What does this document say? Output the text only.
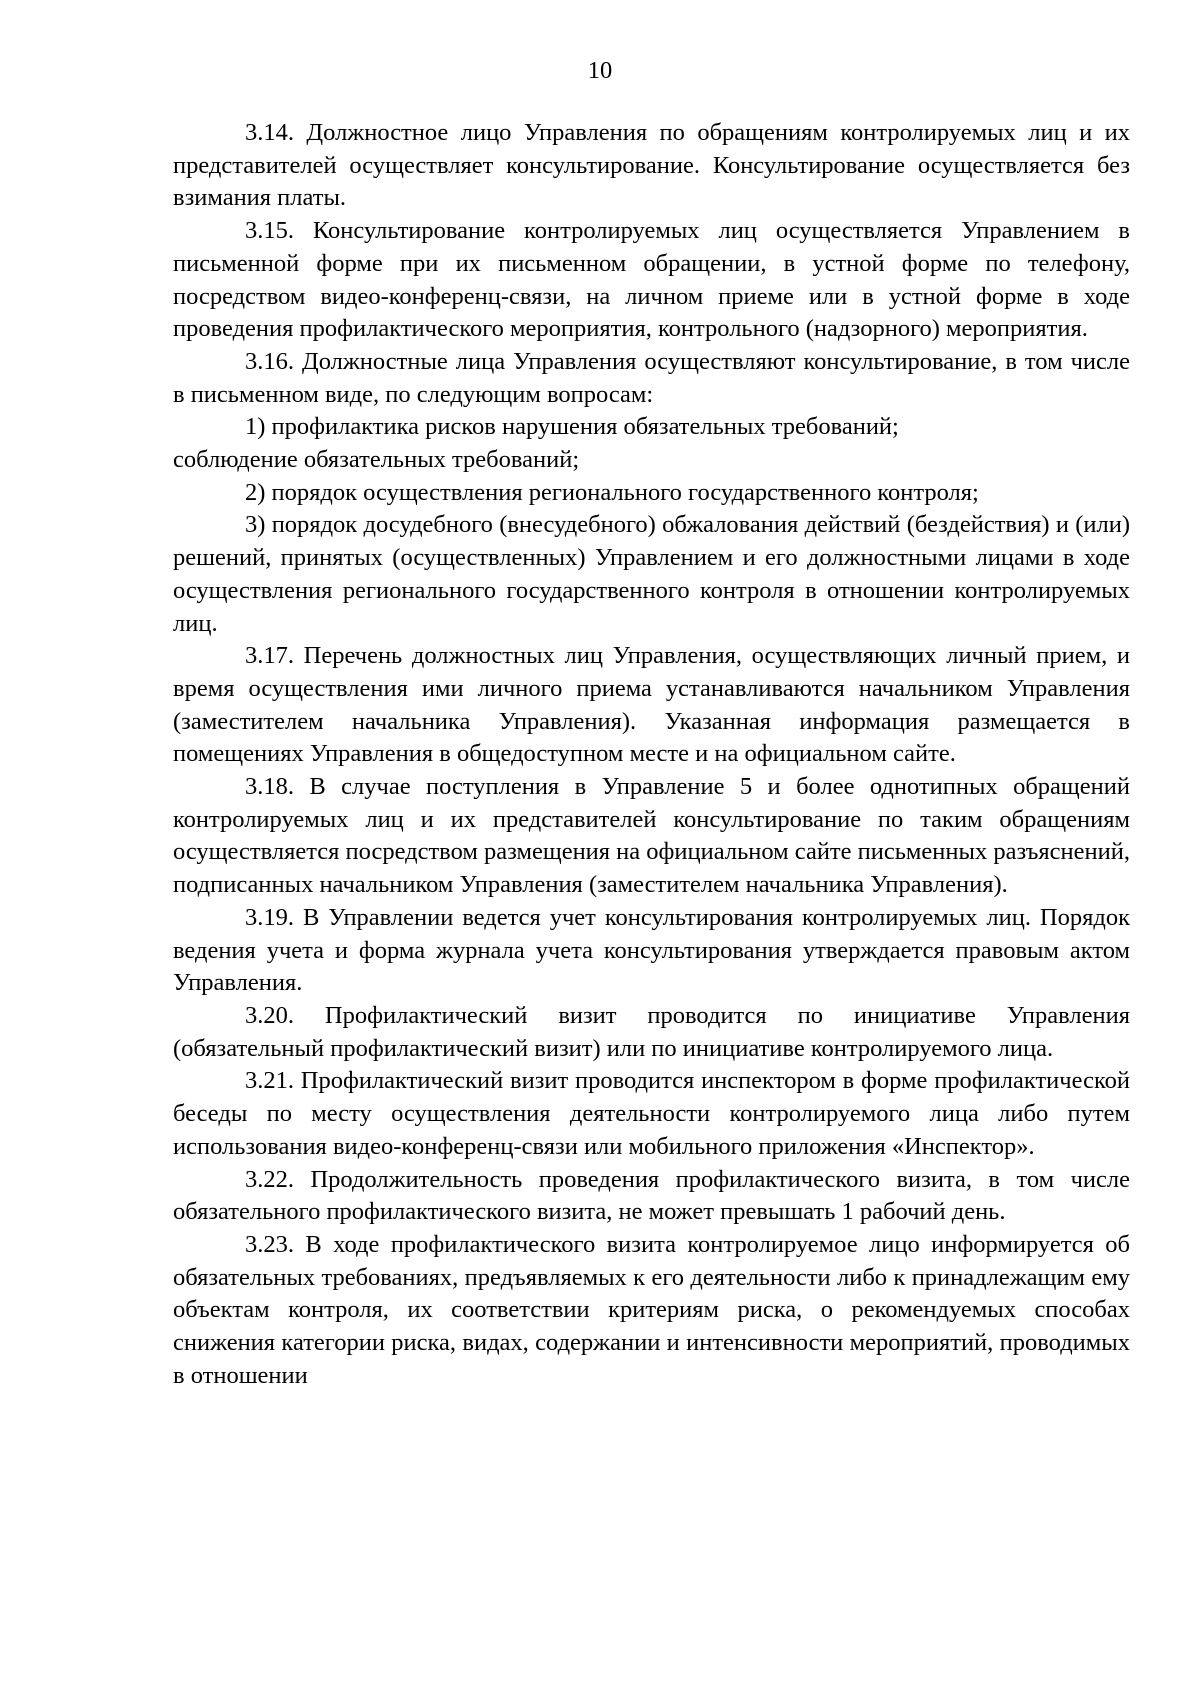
10

3.14. Должностное лицо Управления по обращениям контролируемых лиц и их представителей осуществляет консультирование. Консультирование осуществляется без взимания платы.

3.15. Консультирование контролируемых лиц осуществляется Управлением в письменной форме при их письменном обращении, в устной форме по телефону, посредством видео-конференц-связи, на личном приеме или в устной форме в ходе проведения профилактического мероприятия, контрольного (надзорного) мероприятия.

3.16. Должностные лица Управления осуществляют консультирование, в том числе в письменном виде, по следующим вопросам:

1) профилактика рисков нарушения обязательных требований;

соблюдение обязательных требований;

2) порядок осуществления регионального государственного контроля;

3) порядок досудебного (внесудебного) обжалования действий (бездействия) и (или) решений, принятых (осуществленных) Управлением и его должностными лицами в ходе осуществления регионального государственного контроля в отношении контролируемых лиц.

3.17. Перечень должностных лиц Управления, осуществляющих личный прием, и время осуществления ими личного приема устанавливаются начальником Управления (заместителем начальника Управления). Указанная информация размещается в помещениях Управления в общедоступном месте и на официальном сайте.

3.18. В случае поступления в Управление 5 и более однотипных обращений контролируемых лиц и их представителей консультирование по таким обращениям осуществляется посредством размещения на официальном сайте письменных разъяснений, подписанных начальником Управления (заместителем начальника Управления).

3.19. В Управлении ведется учет консультирования контролируемых лиц. Порядок ведения учета и форма журнала учета консультирования утверждается правовым актом Управления.

3.20. Профилактический визит проводится по инициативе Управления (обязательный профилактический визит) или по инициативе контролируемого лица.

3.21. Профилактический визит проводится инспектором в форме профилактической беседы по месту осуществления деятельности контролируемого лица либо путем использования видео-конференц-связи или мобильного приложения «Инспектор».

3.22. Продолжительность проведения профилактического визита, в том числе обязательного профилактического визита, не может превышать 1 рабочий день.

3.23. В ходе профилактического визита контролируемое лицо информируется об обязательных требованиях, предъявляемых к его деятельности либо к принадлежащим ему объектам контроля, их соответствии критериям риска, о рекомендуемых способах снижения категории риска, видах, содержании и интенсивности мероприятий, проводимых в отношении
